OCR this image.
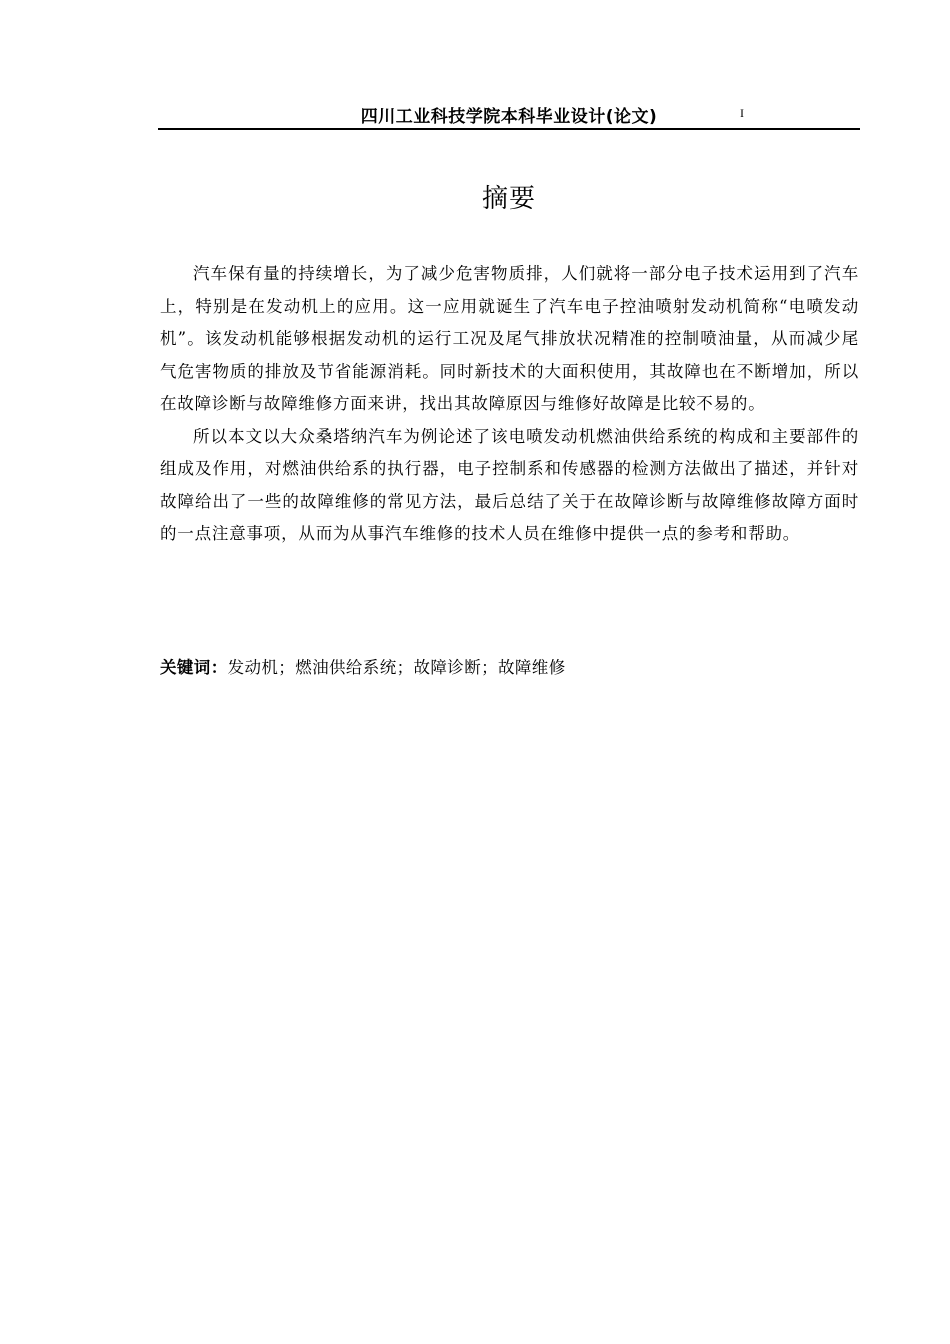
四川工业科技学院本科毕业设计(论文)	I
摘要

汽车保有量的持续增长，为了减少危害物质排，人们就将一部分电子技术运用到了汽车上，特别是在发动机上的应用。这一应用就诞生了汽车电子控油喷射发动机简称“电喷发动机”。该发动机能够根据发动机的运行工况及尾气排放状况精准的控制喷油量，从而减少尾气危害物质的排放及节省能源消耗。同时新技术的大面积使用，其故障也在不断增加，所以在故障诊断与故障维修方面来讲，找出其故障原因与维修好故障是比较不易的。

所以本文以大众桑塔纳汽车为例论述了该电喷发动机燃油供给系统的构成和主要部件的组成及作用，对燃油供给系的执行器，电子控制系和传感器的检测方法做出了描述，并针对故障给出了一些的故障维修的常见方法，最后总结了关于在故障诊断与故障维修故障方面时的一点注意事项，从而为从事汽车维修的技术人员在维修中提供一点的参考和帮助。

关键词：发动机；燃油供给系统；故障诊断；故障维修
